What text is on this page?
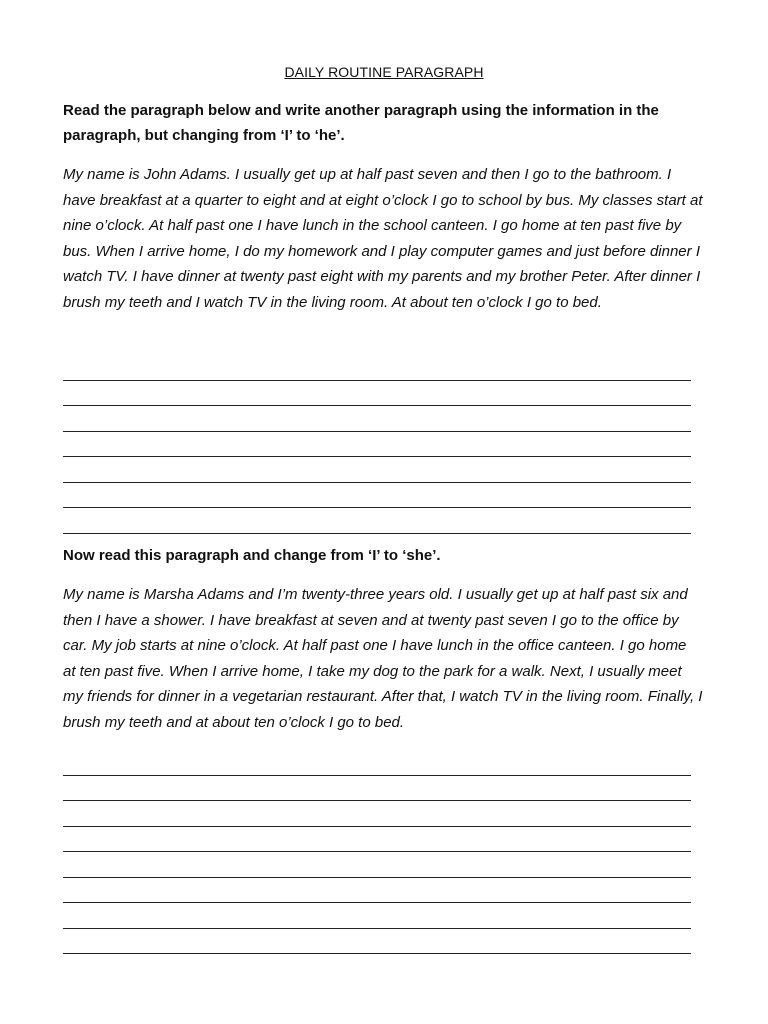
DAILY ROUTINE PARAGRAPH

Read the paragraph below and write another paragraph using the information in the paragraph, but changing from ‘I’ to ‘he’.

My name is John Adams. I usually get up at half past seven and then I go to the bathroom. I have breakfast at a quarter to eight and at eight o’clock I go to school by bus. My classes start at nine o’clock. At half past one I have lunch in the school canteen. I go home at ten past five by bus. When I arrive home, I do my homework and I play computer games and just before dinner I watch TV. I have dinner at twenty past eight with my parents and my brother Peter. After dinner I brush my teeth and I watch TV in the living room. At about ten o’clock I go to bed.

Now read this paragraph and change from ‘I’ to ‘she’.

My name is Marsha Adams and I’m twenty-three years old. I usually get up at half past six and then I have a shower. I have breakfast at seven and at twenty past seven I go to the office by car. My job starts at nine o’clock. At half past one I have lunch in the office canteen. I go home at ten past five. When I arrive home, I take my dog to the park for a walk. Next, I usually meet my friends for dinner in a vegetarian restaurant. After that, I watch TV in the living room. Finally, I brush my teeth and at about ten o’clock I go to bed.
